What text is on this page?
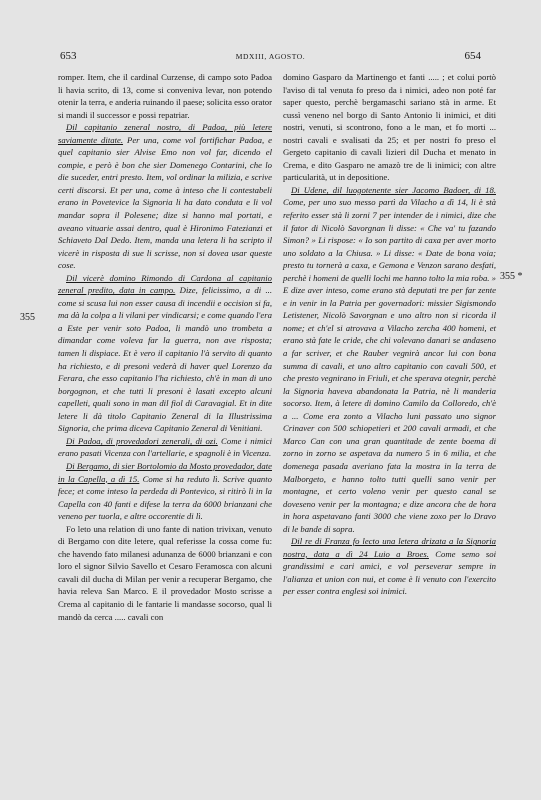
653	MDXIII, AGOSTO.	654
355
355 *

romper. Item, che il cardinal Curzense, di campo soto Padoa li havia scrito, di 13, come si conveniva levar, non potendo otenir la terra, e anderia ruinando il paese; solicita esso orator si mandi il successor e possi repatriar.

Dil capitanio zeneral nostro, di Padoa, più letere saviamente ditate. Per una, come vol fortifichar Padoa, e quel capitanio sier Alvise Emo non vol far, dicendo el compie, e però è bon che sier Domenego Contarini, che lo die suceder, entri presto. Item, vol ordinar la milizia, e scrive certi discorsi. Et per una, come à inteso che li contestabeli erano in Povetevice la Signoria li ha dato conduta e li vol mandar sopra il Polesene; dize si hanno mal portati, e aveano vituarie assai dentro, qual è Hironimo Fatezianzi et Schiaveto Dal Dedo. Item, manda una letera li ha scripto il vicerè in risposta di sue li scrisse, non si dovea usar queste cose.

Dil vicerè domino Rimondo di Cardona al capitanio zeneral predito, data in campo. Dize, felicissimo, a di ... come si scusa lui non esser causa di incendii e occision si fa, ma dà la colpa a li vilani per vindicarsi; e come quando l'era a Este per venir soto Padoa, li mandò uno trombeta a dimandar come voleva far la guerra, non ave risposta; tamen li dispiace. Et è vero il capitanio l'à servito di quanto ha richiesto, e di presoni vederà di haver quel Lorenzo da Ferara, che esso capitanio l'ha richiesto, ch'è in man di uno borgognon, et che tutti li presoni è lasati excepto alcuni capelleti, quali sono in man dil fiol di Caravagial. Et in dite letere li dà titolo Capitanio Zeneral di la Illustrissima Signoria, che prima diceva Capitanio Zeneral di Venitiani.

Di Padoa, di provedadori zenerali, di ozi. Come i nimici erano pasati Vicenza con l'artellarie, e spagnoli è in Vicenza.

Di Bergamo, di sier Bortolomio da Mosto provedador, date in la Capella, a dì 15. Come si ha reduto lì. Scrive quanto fece; et come inteso la perdeda di Pontevico, si ritirò li in la Capella con 40 fanti e difese la terra da 6000 brianzani che veneno per tuorla, e altre occorentie di lì.

Fo leto una relation di uno fante di nation trivixan, venuto di Bergamo con dite letere, qual referisse la cossa come fu: che havendo fato milanesi adunanza de 6000 brianzani e con loro el signor Silvio Savello et Cesaro Feramosca con alcuni cavali dil ducha di Milan per venir a recuperar Bergamo, che havia releva San Marco. E il provedador Mosto scrisse a Crema al capitanio di le fantarie li mandasse socorso, qual li mandò da cerca ..... cavali con

domino Gasparo da Martinengo et fanti ..... ; et colui portò l'aviso di tal venuta fo preso da i nimici, adeo non poté far saper questo, perchè bergamaschi sariano stà in arme. Et cussì veneno nel borgo di Santo Antonio li inimici, et diti nostri, venuti, si scontrono, fono a le man, et fo morti ... nostri cavali e svalisati da 25; et per nostri fo preso el Gergeto capitanio di cavali lizieri dil Ducha et menato in Crema, e dito Gasparo ne amazò tre de li inimici; con altre particularità, ut in depositione.

Di Udene, dil luogotenente sier Jacomo Badoer, di 18. Come, per uno suo messo partì da Vilacho a dì 14, li è stà referito esser stà li zorni 7 per intender de i nimici, dize che il fator di Nicolò Savorgnan li disse: « Che va' tu fazando Simon? » Li rispose: « Io son partito di caxa per aver morto uno soldato a la Chiusa. » Li disse: « Date de bona voia; presto tu tornerà a caxa, e Gemona e Venzon sarano desfati, perchè i homeni de quelli lochi me hanno tolto la mia roba. » E dize aver inteso, come erano stà deputati tre per far zente e in venir in la Patria per governadori: missier Sigismondo Letistener, Nicolò Savorgnan e uno altro non si ricorda il nome; et ch'el si atrovava a Vilacho zercha 400 homeni, et erano stà fate le cride, che chi volevano danari se andaseno a far scriver, et che Rauber vegnirà ancor lui con bona summa di cavali, et uno altro capitanio con cavali 500, et che presto vegnirano in Friuli, et che sperava otegnir, perchè la Signoria haveva abandonata la Patria, nè li manderia socorso. Item, à letere di domino Camilo da Colloredo, ch'è a ... Come era zonto a Vilacho luni passato uno signor Crinaver con 500 schiopetieri et 200 cavali armadi, et che Marco Can con una gran quantitade de zente boema di zorno in zorno se aspetava da numero 5 in 6 milia, et che domenega pasada averiano fata la mostra in la terra de Malborgeto, e hanno tolto tutti quelli sano venir per montagne, et certo voleno venir per questo canal se doveseno venir per la montagna; e dize ancora che de hora in hora aspetavano fanti 3000 che viene zoxo per lo Dravo di le bande di sopra.

Dil re di Franza fo lecto una letera drizata a la Signoria nostra, data a dì 24 Luio a Broes. Come semo soi grandissimi e cari amici, e vol perseverar sempre in l'alianza et union con nui, et come è li venuto con l'exercito per esser contra englesi soi inimici.
